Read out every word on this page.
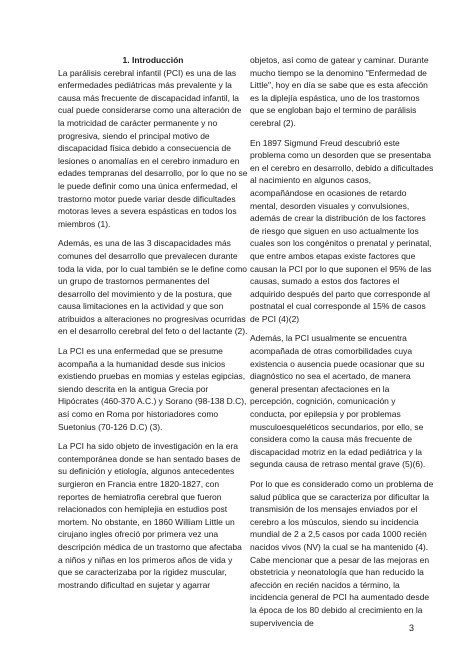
1. Introducción

La parálisis cerebral infantil (PCI) es una de las enfermedades pediátricas más prevalente y la causa más frecuente de discapacidad infantil, la cual puede considerarse como una alteración de la motricidad de carácter permanente y no progresiva, siendo el principal motivo de discapacidad física debido a consecuencia de lesiones o anomalías en el cerebro inmaduro en edades tempranas del desarrollo, por lo que no se le puede definir como una única enfermedad, el trastorno motor puede variar desde dificultades motoras leves a severa espásticas en todos los miembros (1).

Además, es una de las 3 discapacidades más comunes del desarrollo que prevalecen durante toda la vida, por lo cual también se le define como un grupo de trastornos permanentes del desarrollo del movimiento y de la postura, que causa limitaciones en la actividad y que son atribuidos a alteraciones no progresivas ocurridas en el desarrollo cerebral del feto o del lactante (2).

La PCI es una enfermedad que se presume acompaña a la humanidad desde sus inicios existiendo pruebas en momias y estelas egipcias, siendo descrita en la antigua Grecia por Hipócrates (460-370 A.C.) y Sorano (98-138 D.C), así como en Roma por historiadores como Suetonius (70-126 D.C) (3).

La PCI ha sido objeto de investigación en la era contemporánea donde se han sentado bases de su definición y etiología, algunos antecedentes surgieron en Francia entre 1820-1827, con reportes de hemiatrofia cerebral que fueron relacionados con hemiplejia en estudios post mortem. No obstante, en 1860 William Little un cirujano ingles ofreció por primera vez una descripción médica de un trastorno que afectaba a niños y niñas en los primeros años de vida y que se caracterizaba por la rigidez muscular, mostrando dificultad en sujetar y agarrar

objetos, así como de gatear y caminar. Durante mucho tiempo se la denomino "Enfermedad de Little", hoy en día se sabe que es esta afección es la diplejía espástica, uno de los trastornos que se engloban bajo el termino de parálisis cerebral (2).

En 1897 Sigmund Freud descubrió este problema como un desorden que se presentaba en el cerebro en desarrollo, debido a dificultades al nacimiento en algunos casos, acompañándose en ocasiones de retardo mental, desorden visuales y convulsiones, además de crear la distribución de los factores de riesgo que siguen en uso actualmente los cuales son los congénitos o prenatal y perinatal, que entre ambos etapas existe factores que causan la PCI por lo que suponen el 95% de las causas, sumado a estos dos factores el adquirido después del parto que corresponde al postnatal el cual corresponde al 15% de casos de PCI (4)(2)

Además, la PCI usualmente se encuentra acompañada de otras comorbilidades cuya existencia o ausencia puede ocasionar que su diagnóstico no sea el acertado, de manera general presentan afectaciones en la percepción, cognición, comunicación y conducta, por epilepsia y por problemas musculoesqueléticos secundarios, por ello, se considera como la causa más frecuente de discapacidad motriz en la edad pediátrica y la segunda causa de retraso mental grave (5)(6).

Por lo que es considerado como un problema de salud pública que se caracteriza por dificultar la transmisión de los mensajes enviados por el cerebro a los músculos, siendo su incidencia mundial de 2 a 2,5 casos por cada 1000 recién nacidos vivos (NV) la cual se ha mantenido (4). Cabe mencionar que a pesar de las mejoras en obstetricia y neonatología que han reducido la afección en recién nacidos a término, la incidencia general de PCI ha aumentado desde la época de los 80 debido al crecimiento en la supervivencia de

3
